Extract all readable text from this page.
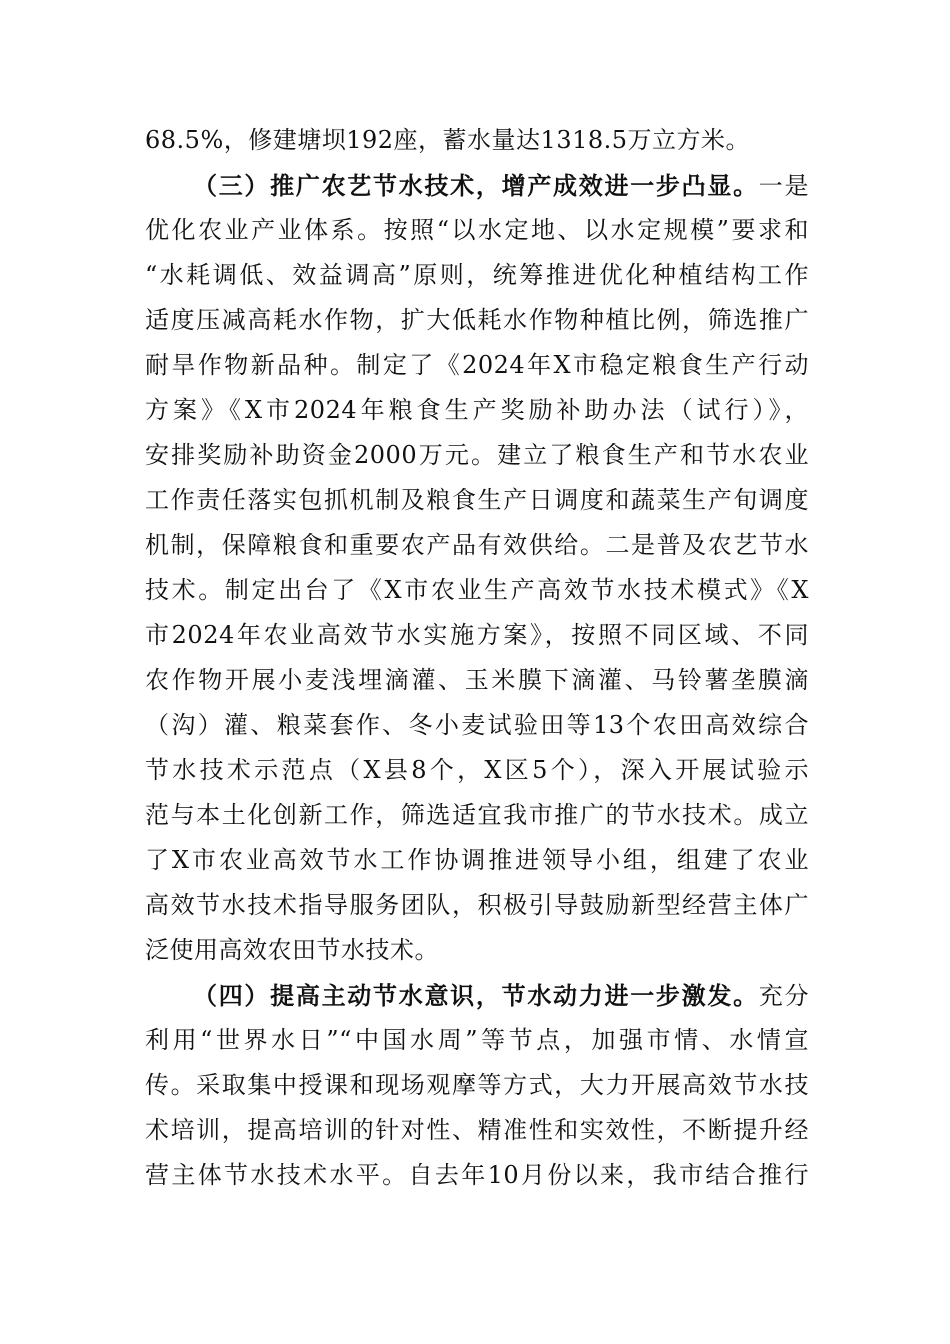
68.5%，修建塘坝192座，蓄水量达1318.5万立方米。
（三）推广农艺节水技术，增产成效进一步凸显。一是
优化农业产业体系。按照“以水定地、以水定规模”要求和
“水耗调低、效益调高”原则，统筹推进优化种植结构工作
适度压减高耗水作物，扩大低耗水作物种植比例，筛选推广
耐旱作物新品种。制定了《2024年X市稳定粮食生产行动
方案》《X市2024年粮食生产奖励补助办法（试行）》，
安排奖励补助资金2000万元。建立了粮食生产和节水农业
工作责任落实包抓机制及粮食生产日调度和蔬菜生产旬调度
机制，保障粮食和重要农产品有效供给。二是普及农艺节水
技术。制定出台了《X市农业生产高效节水技术模式》《X
市2024年农业高效节水实施方案》，按照不同区域、不同
农作物开展小麦浅埋滴灌、玉米膜下滴灌、马铃薯垄膜滴
（沟）灌、粮菜套作、冬小麦试验田等13个农田高效综合
节水技术示范点（X县8个，X区5个），深入开展试验示
范与本土化创新工作，筛选适宜我市推广的节水技术。成立
了X市农业高效节水工作协调推进领导小组，组建了农业
高效节水技术指导服务团队，积极引导鼓励新型经营主体广
泛使用高效农田节水技术。
（四）提高主动节水意识，节水动力进一步激发。充分
利用“世界水日”“中国水周”等节点，加强市情、水情宣
传。采取集中授课和现场观摩等方式，大力开展高效节水技
术培训，提高培训的针对性、精准性和实效性，不断提升经
营主体节水技术水平。自去年10月份以来，我市结合推行
